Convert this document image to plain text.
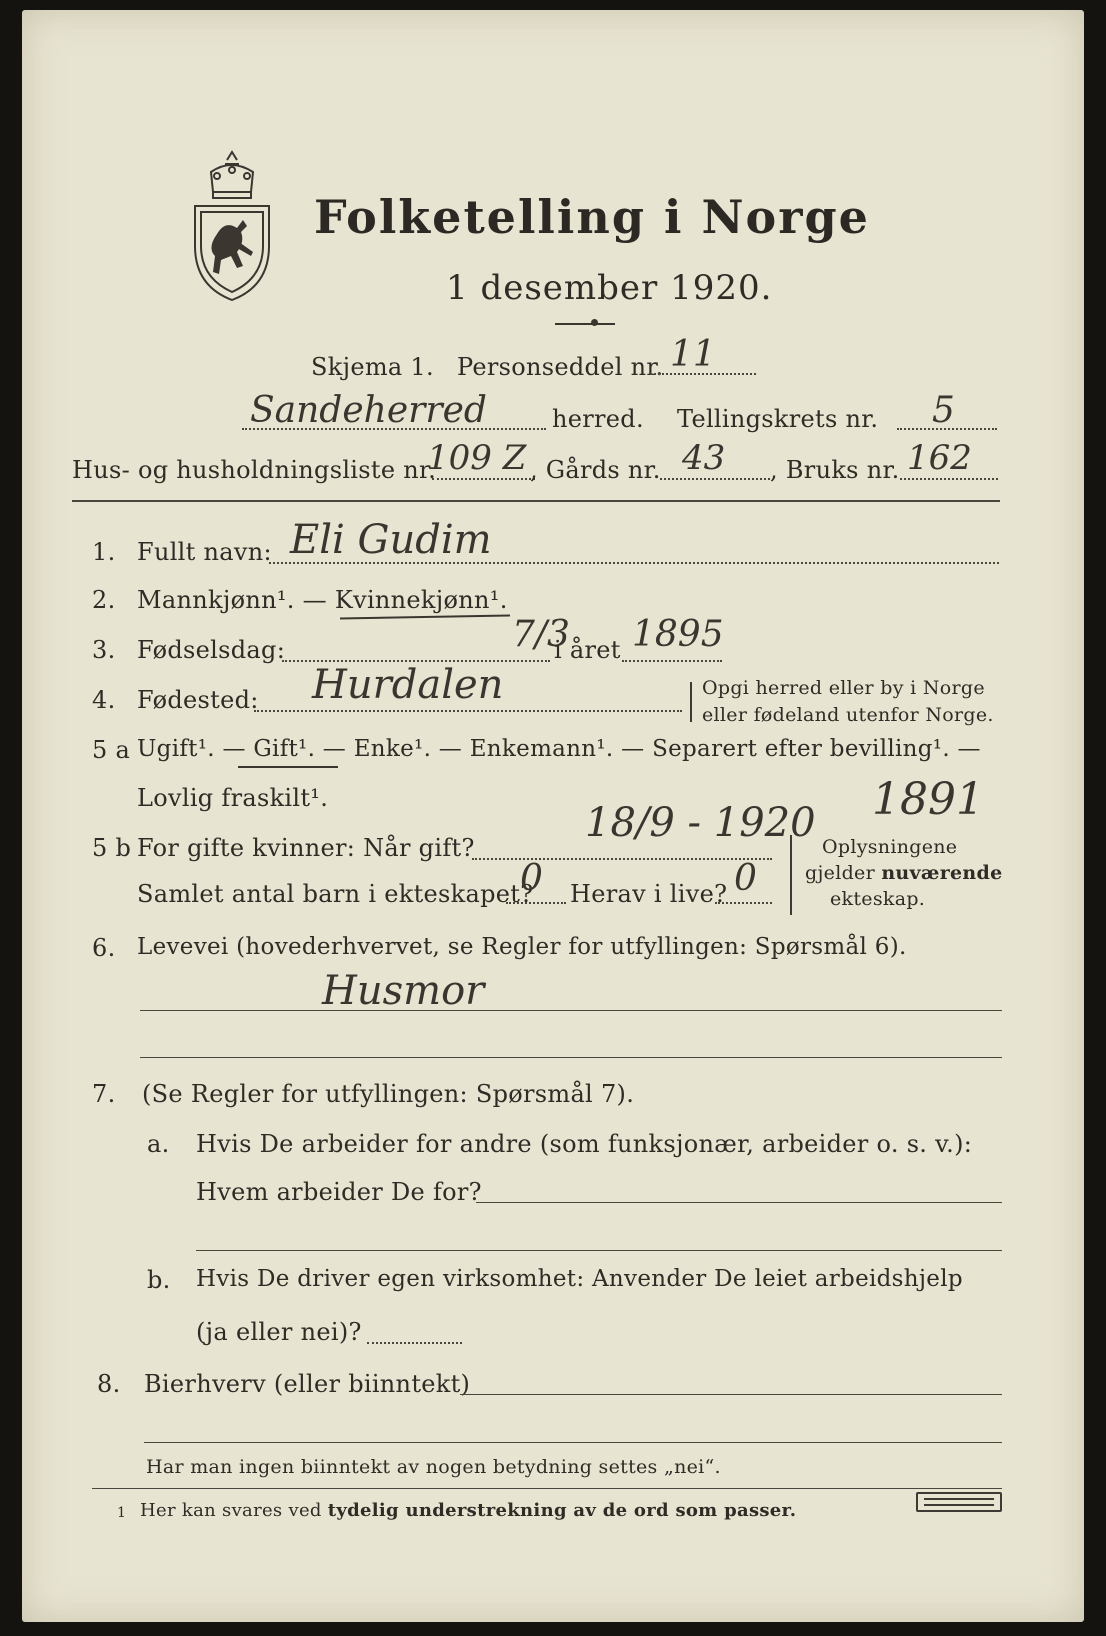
Folketelling i Norge
1 desember 1920.
Skjema 1. Personseddel nr. 11
Sandeherred	herred. Tellingskrets nr. 5
Hus- og husholdningsliste nr.
109 Z , Gårds nr. 43 , Bruks nr. 162
1. Fullt navn: Eli Gudim
2. Mannkjønn¹. — Kvinnekjønn¹.
3. Fødselsdag:	7/3
i året 1895
4. Fødested: Hurdalen	Opgi herred eller by i Norge
eller fødeland utenfor Norge.
5 a Ugift¹. — Gift¹. — Enke¹. — Enkemann¹. — Separert efter bevilling¹. —
Lovlig fraskilt¹.
5 b For gifte kvinner: Når gift?
18/9 - 1920 1891
Samlet antal barn i ekteskapet?
0 Herav i live? 0
Oplysningene
gjelder nuværende
ekteskap.
6. Levevei (hovederhvervet, se Regler for utfyllingen: Spørsmål 6).
Husmor
7. (Se Regler for utfyllingen: Spørsmål 7).
a. Hvis De arbeider for andre (som funksjonær, arbeider o. s. v.):
Hvem arbeider De for?
b. Hvis De driver egen virksomhet: Anvender De leiet arbeidshjelp
(ja eller nei)?
8. Bierhverv (eller biinntekt)
Har man ingen biinntekt av nogen betydning settes „nei“.
1 Her kan svares ved tydelig understrekning av de ord som passer.
